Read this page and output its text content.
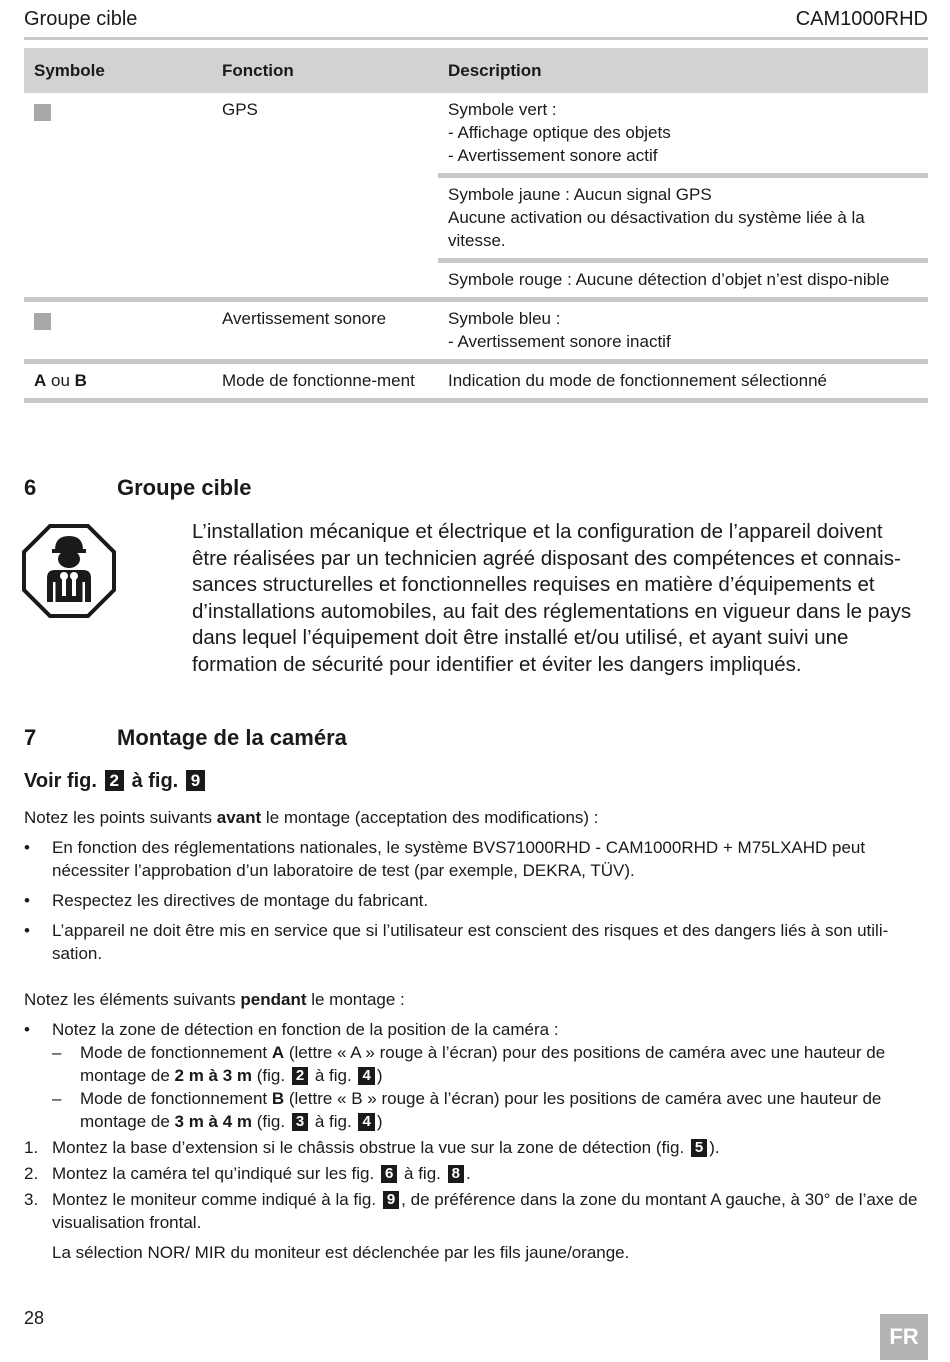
Groupe cible	CAM1000RHD
Symbole	Fonction	Description
	GPS	Symbole vert :
- Affichage optique des objets
- Avertissement sonore actif

		Symbole jaune : Aucun signal GPS
Aucune activation ou désactivation du système liée à la vitesse.

		Symbole rouge : Aucune détection d’objet n’est dispo-nible

	Avertissement sonore	Symbole bleu :
- Avertissement sonore inactif

A ou B	Mode de fonctionne-ment	Indication du mode de fonctionnement sélectionné
6	Groupe cible
L’installation mécanique et électrique et la configuration de l’appareil doivent être réalisées par un technicien agréé disposant des compétences et connais-sances structurelles et fonctionnelles requises en matière d’équipements et d’installations automobiles, au fait des réglementations en vigueur dans le pays dans lequel l’équipement doit être installé et/ou utilisé, et ayant suivi une formation de sécurité pour identifier et éviter les dangers impliqués.
7	Montage de la caméra
Voir fig. 2 à fig. 9

Notez les points suivants avant le montage (acceptation des modifications) :

• En fonction des réglementations nationales, le système BVS71000RHD - CAM1000RHD + M75LXAHD peut nécessiter l’approbation d’un laboratoire de test (par exemple, DEKRA, TÜV).
• Respectez les directives de montage du fabricant.
• L’appareil ne doit être mis en service que si l’utilisateur est conscient des risques et des dangers liés à son utili-sation.

Notez les éléments suivants pendant le montage :

• Notez la zone de détection en fonction de la position de la caméra :
– Mode de fonctionnement A (lettre « A » rouge à l’écran) pour des positions de caméra avec une hauteur de montage de 2 m à 3 m (fig. 2 à fig. 4 )
– Mode de fonctionnement B (lettre « B » rouge à l’écran) pour les positions de caméra avec une hauteur de montage de 3 m à 4 m (fig. 3 à fig. 4 )
1. Montez la base d’extension si le châssis obstrue la vue sur la zone de détection (fig. 5 ).
2. Montez la caméra tel qu’indiqué sur les fig. 6 à fig. 8 .
3. Montez le moniteur comme indiqué à la fig. 9 , de préférence dans la zone du montant A gauche, à 30° de l’axe de visualisation frontal.

La sélection NOR/ MIR du moniteur est déclenchée par les fils jaune/orange.

28
FR
